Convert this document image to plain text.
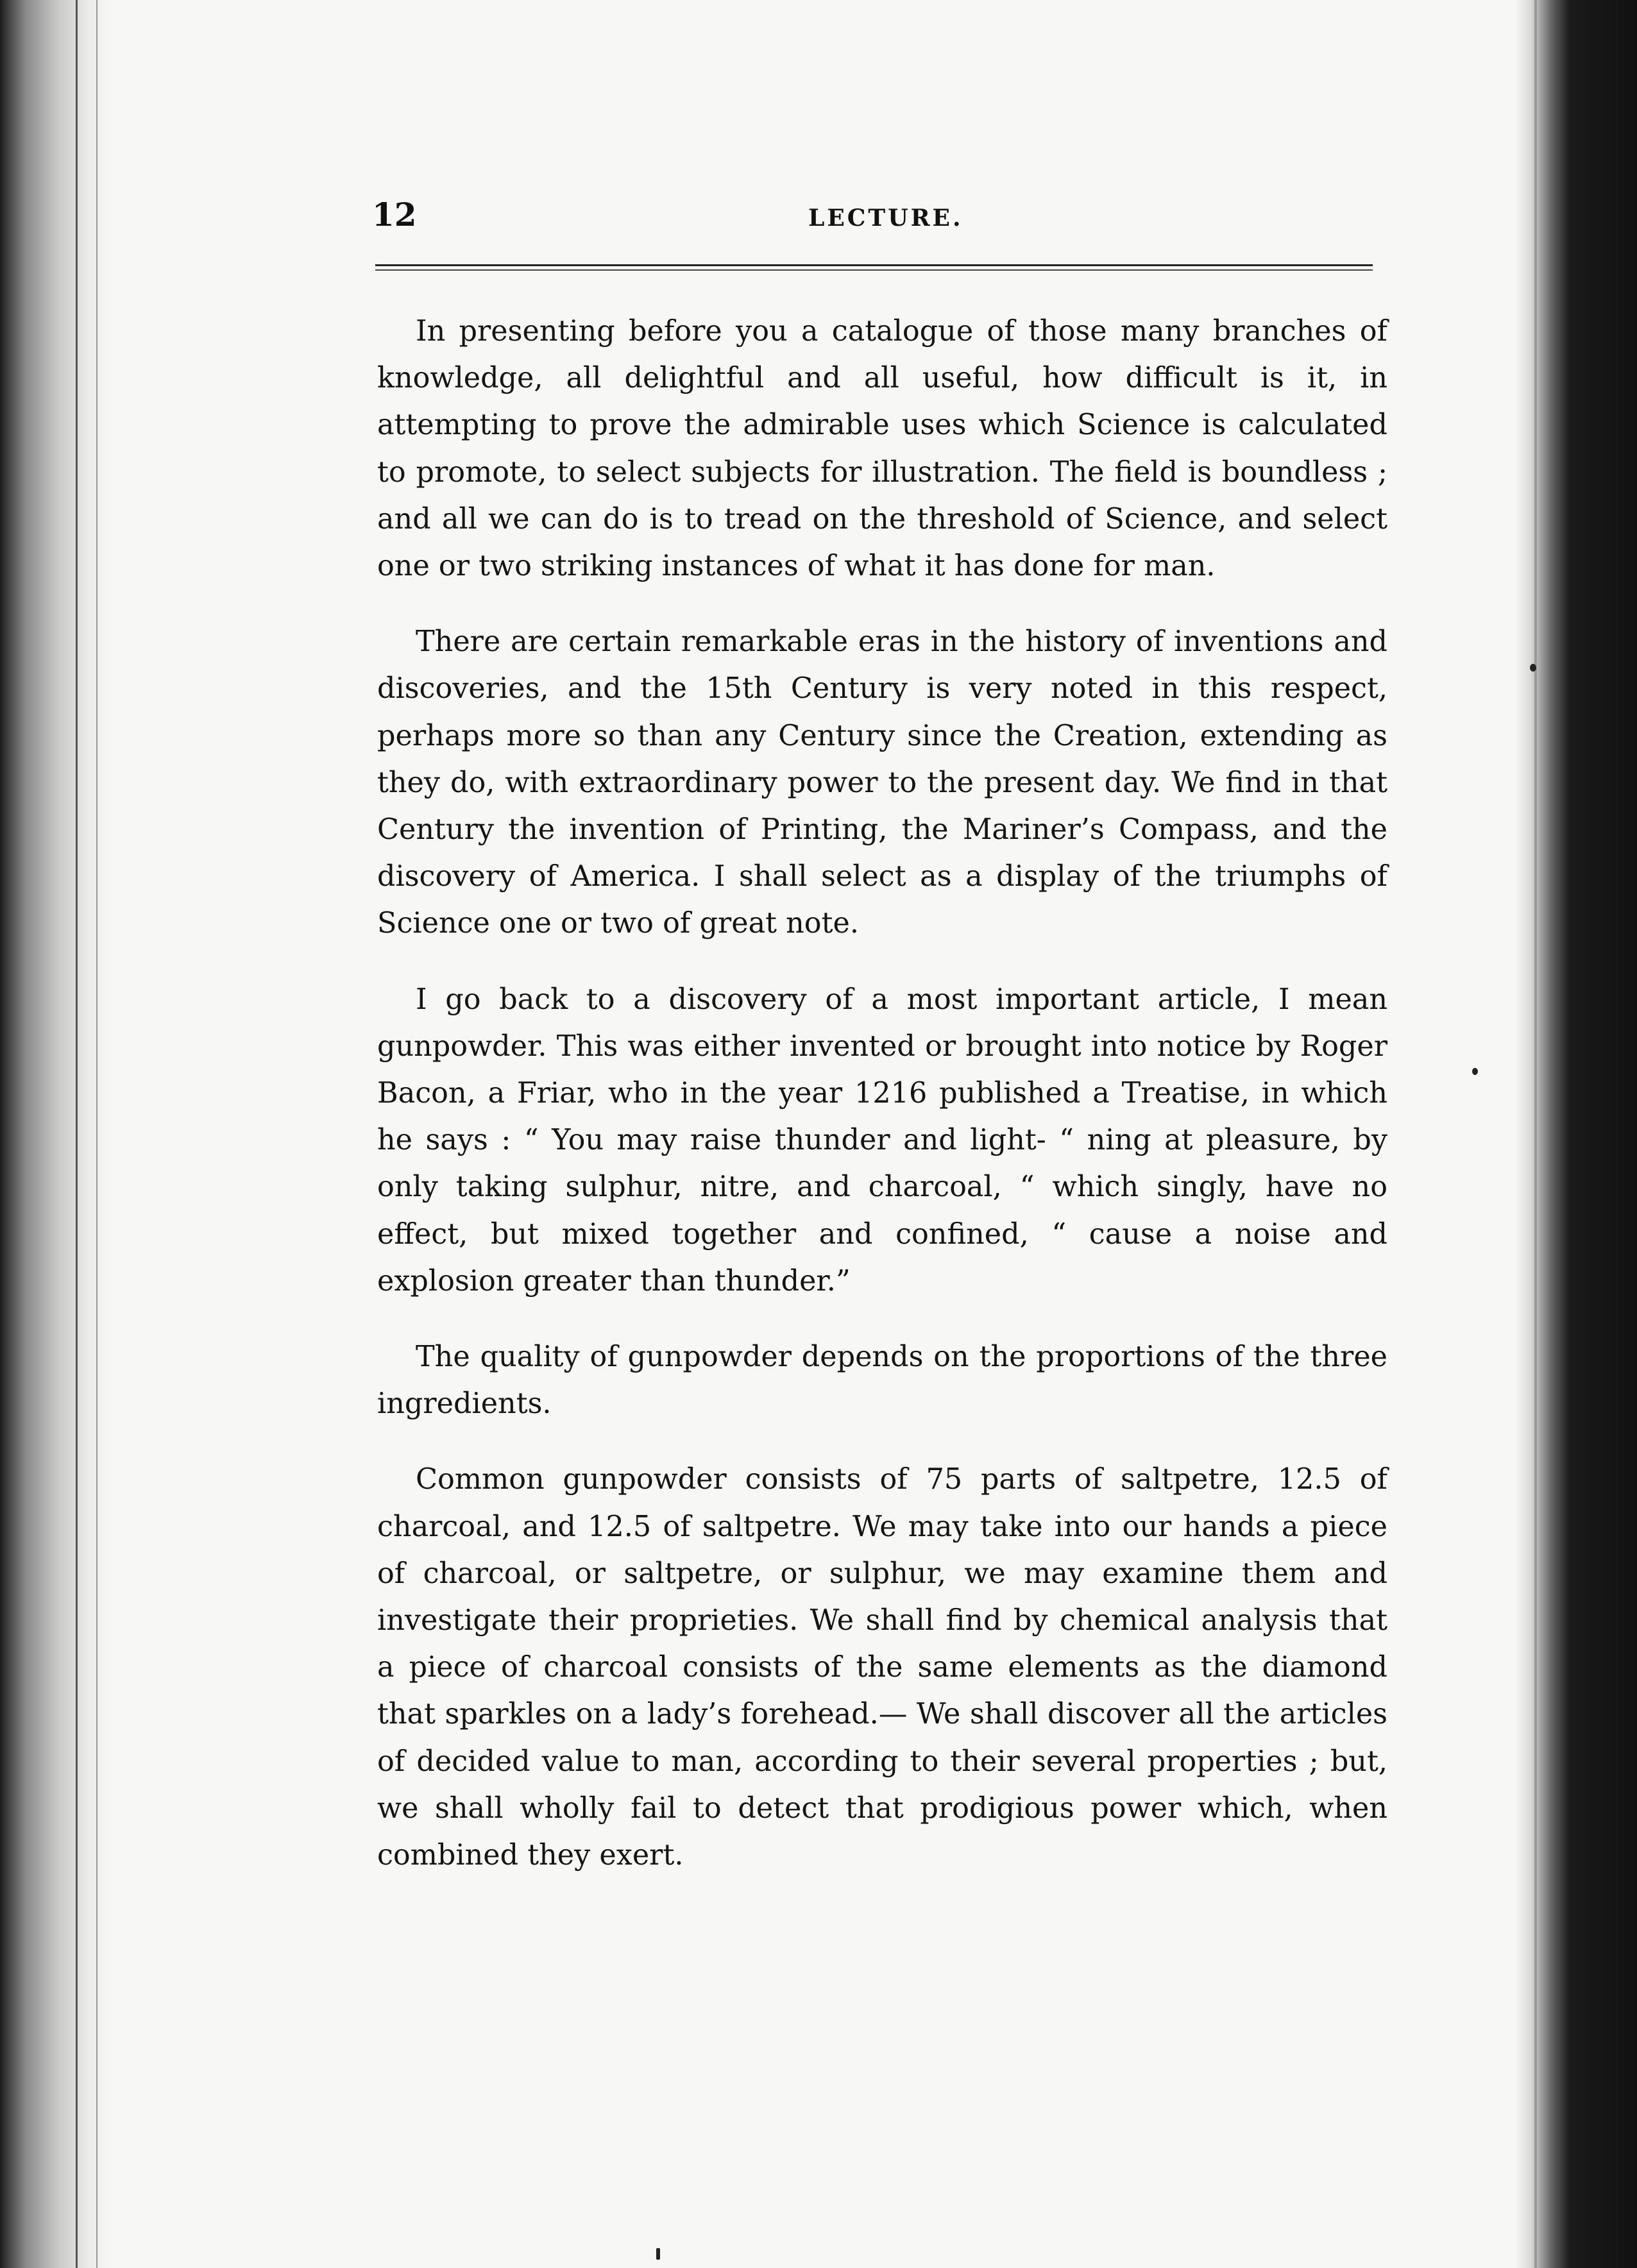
12	LECTURE.

In presenting before you a catalogue of those many branches of knowledge, all delightful and all useful, how difficult is it, in attempting to prove the admirable uses which Science is calculated to promote, to select subjects for illustration. The field is boundless ; and all we can do is to tread on the threshold of Science, and select one or two striking instances of what it has done for man.

There are certain remarkable eras in the history of inventions and discoveries, and the 15th Century is very noted in this respect, perhaps more so than any Century since the Creation, extending as they do, with extraordinary power to the present day. We find in that Century the invention of Printing, the Mariner’s Compass, and the discovery of America. I shall select as a display of the triumphs of Science one or two of great note.

I go back to a discovery of a most important article, I mean gunpowder. This was either invented or brought into notice by Roger Bacon, a Friar, who in the year 1216 published a Treatise, in which he says : “ You may raise thunder and light- “ ning at pleasure, by only taking sulphur, nitre, and charcoal, “ which singly, have no effect, but mixed together and confined, “ cause a noise and explosion greater than thunder.”

The quality of gunpowder depends on the proportions of the three ingredients.

Common gunpowder consists of 75 parts of saltpetre, 12.5 of charcoal, and 12.5 of saltpetre. We may take into our hands a piece of charcoal, or saltpetre, or sulphur, we may examine them and investigate their proprieties. We shall find by chemical analysis that a piece of charcoal consists of the same elements as the diamond that sparkles on a lady’s forehead.— We shall discover all the articles of decided value to man, according to their several properties ; but, we shall wholly fail to detect that prodigious power which, when combined they exert.
